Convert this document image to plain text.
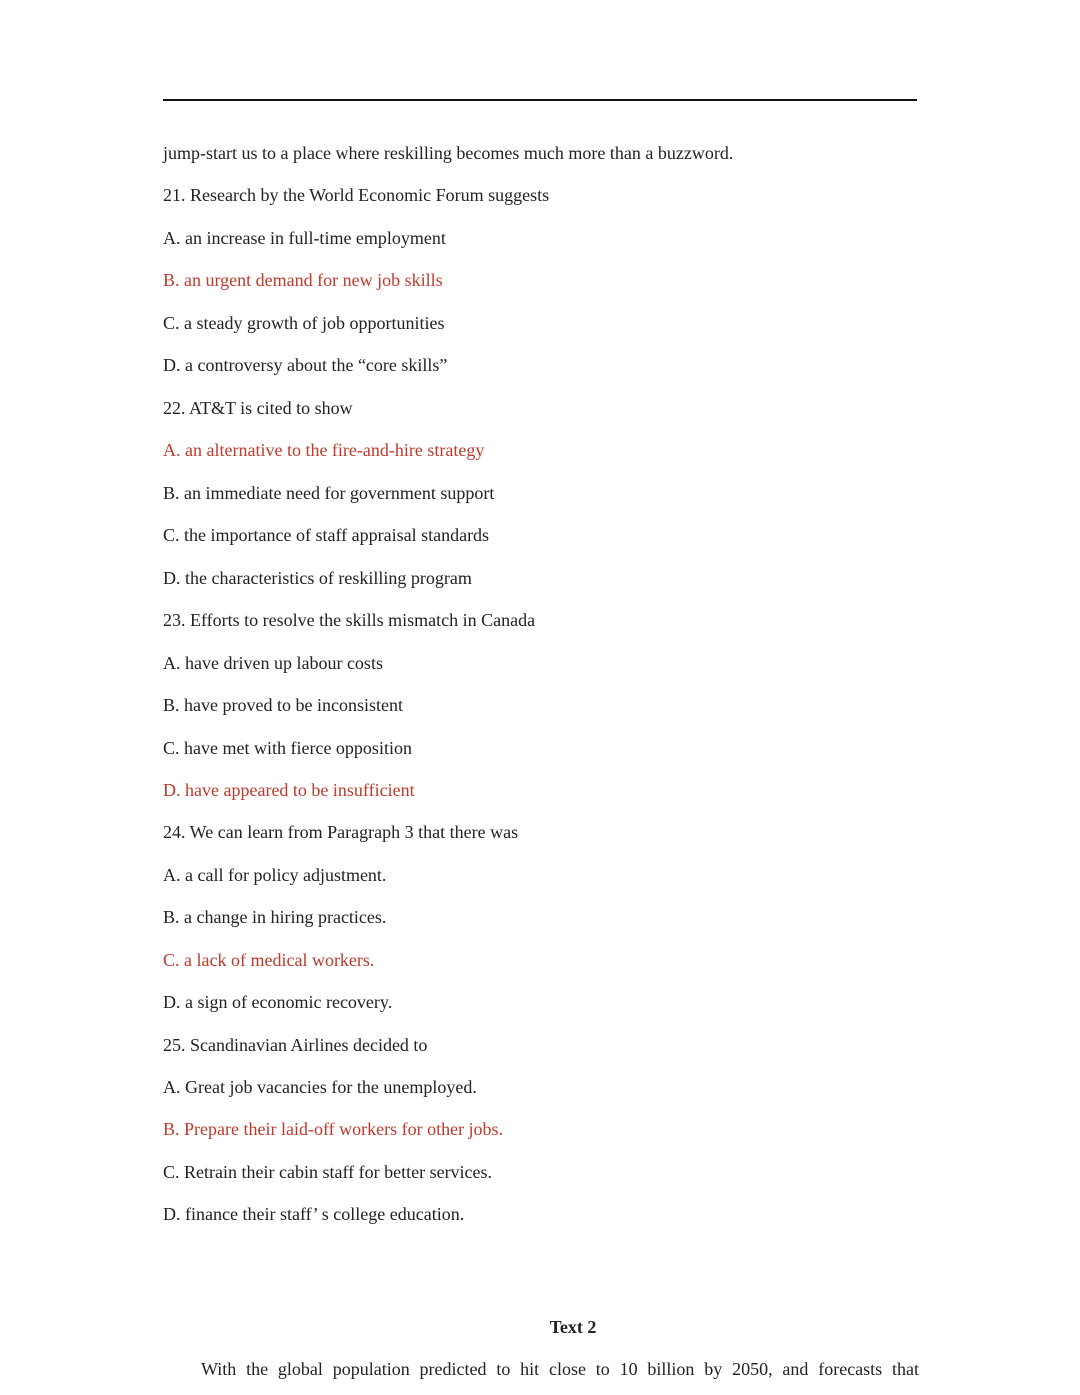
jump-start us to a place where reskilling becomes much more than a buzzword.
21. Research by the World Economic Forum suggests
A. an increase in full-time employment
B. an urgent demand for new job skills
C. a steady growth of job opportunities
D. a controversy about the “core skills”
22. AT&T is cited to show
A. an alternative to the fire-and-hire strategy
B. an immediate need for government support
C. the importance of staff appraisal standards
D. the characteristics of reskilling program
23. Efforts to resolve the skills mismatch in Canada
A. have driven up labour costs
B. have proved to be inconsistent
C. have met with fierce opposition
D. have appeared to be insufficient
24. We can learn from Paragraph 3 that there was
A. a call for policy adjustment.
B. a change in hiring practices.
C. a lack of medical workers.
D. a sign of economic recovery.
25. Scandinavian Airlines decided to
A. Great job vacancies for the unemployed.
B. Prepare their laid-off workers for other jobs.
C. Retrain their cabin staff for better services.
D. finance their staff’ s college education.
Text 2
With the global population predicted to hit close to 10 billion by 2050, and forecasts that
